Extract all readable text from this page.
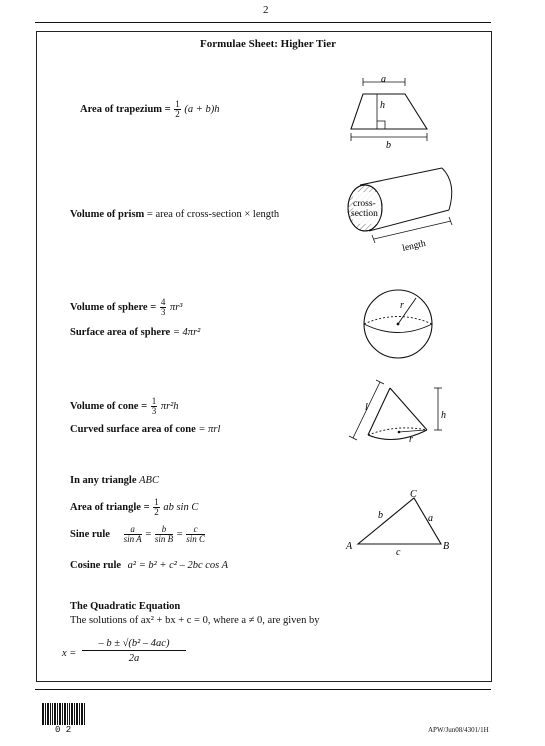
2
Formulae Sheet: Higher Tier
Area of trapezium = $\frac{1}{2} (a + b)h$
a
h
b
Volume of prism = area of cross-section × length
cross-
section
length
Volume of sphere = $\frac{4}{3} \pi r^3$
Surface area of sphere = 4πr²
r
Volume of cone = $\frac{1}{3} \pi r^2h$
Curved surface area of cone = πrl
r
l
h
In any triangle ABC
Area of triangle = $\frac{1}{2}$ ab sin C
Sine rule $\frac{a}{\text{sin A}} = \frac{b}{\text{sin B}} = \frac{c}{\text{sin C}}$
Cosine rule a² = b² + c² – 2bc cos A
C
A	B
b	a
c
The Quadratic Equation
The solutions of ax² + bx + c = 0, where a ≠ 0, are given by
$x = \frac{\text{– b ± √(b² – 4ac)}}{2a}$
0 2	APW/Jun08/4301/1H
